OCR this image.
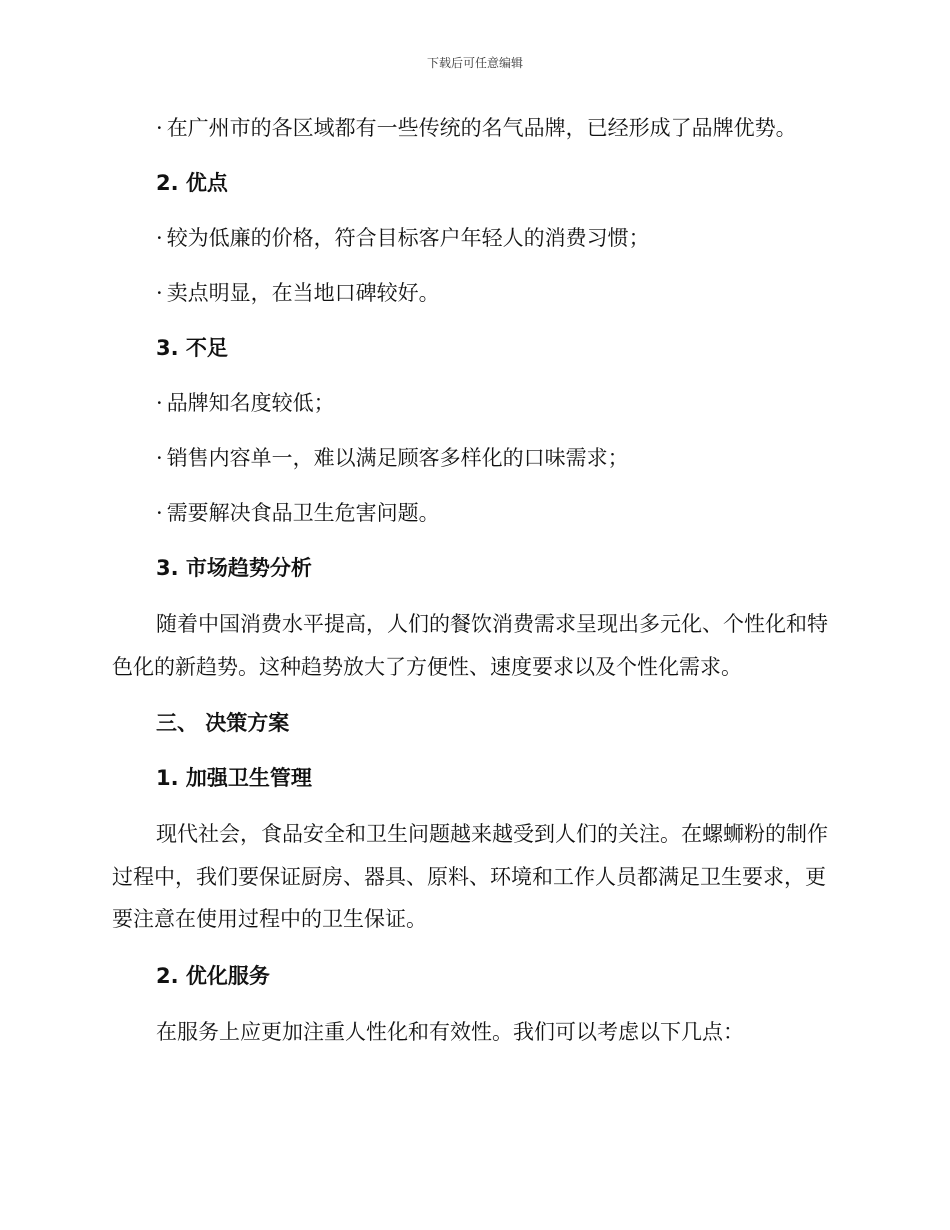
下载后可任意编辑
· 在广州市的各区域都有一些传统的名气品牌，已经形成了品牌优势。
2. 优点
· 较为低廉的价格，符合目标客户年轻人的消费习惯；
· 卖点明显，在当地口碑较好。
3. 不足
· 品牌知名度较低；
· 销售内容单一，难以满足顾客多样化的口味需求；
· 需要解决食品卫生危害问题。
3. 市场趋势分析

随着中国消费水平提高，人们的餐饮消费需求呈现出多元化、个性化和特色化的新趋势。这种趋势放大了方便性、速度要求以及个性化需求。

三、 决策方案
1. 加强卫生管理

现代社会，食品安全和卫生问题越来越受到人们的关注。在螺蛳粉的制作过程中，我们要保证厨房、器具、原料、环境和工作人员都满足卫生要求，更要注意在使用过程中的卫生保证。

2. 优化服务

在服务上应更加注重人性化和有效性。我们可以考虑以下几点：
